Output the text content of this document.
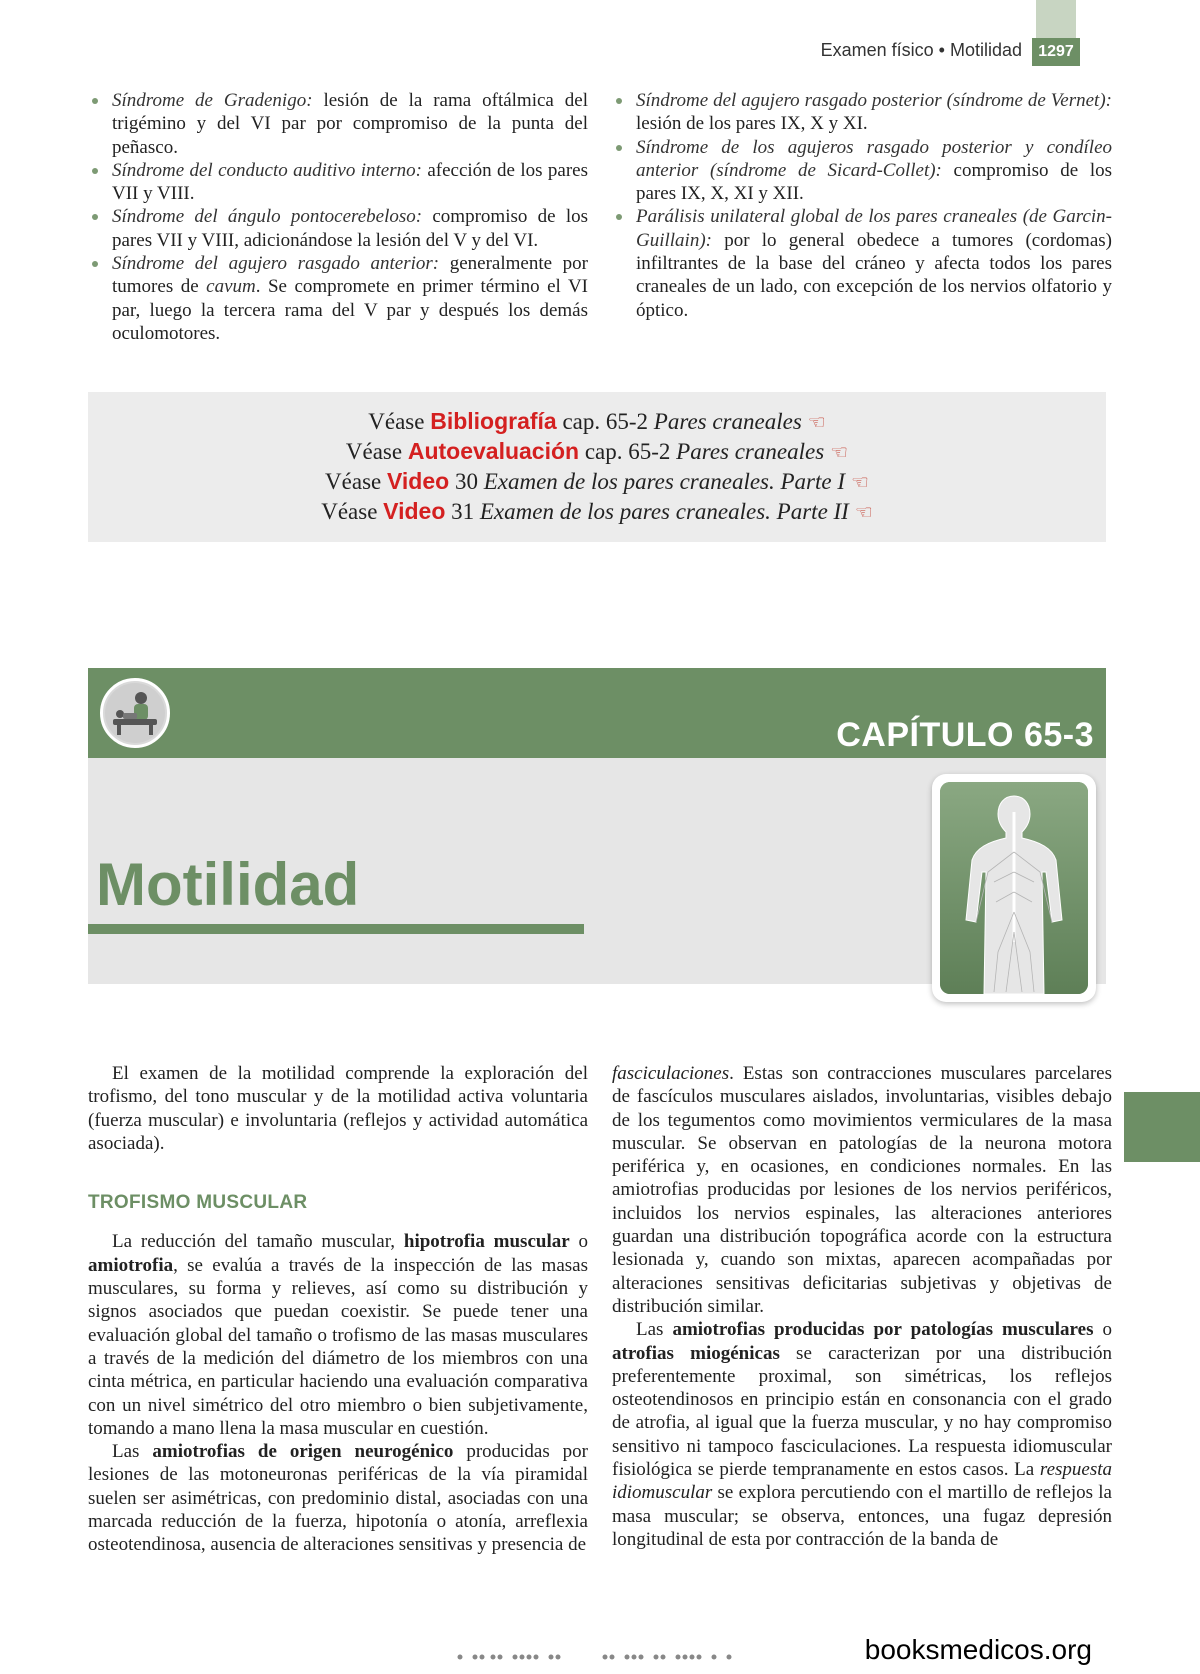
Examen físico • Motilidad	1297
Síndrome de Gradenigo: lesión de la rama oftálmica del trigémino y del VI par por compromiso de la punta del peñasco.
Síndrome del conducto auditivo interno: afección de los pares VII y VIII.
Síndrome del ángulo pontocerebeloso: compromiso de los pares VII y VIII, adicionándose la lesión del V y del VI.
Síndrome del agujero rasgado anterior: generalmente por tumores de cavum. Se compromete en primer término el VI par, luego la tercera rama del V par y después los demás oculomotores.
Síndrome del agujero rasgado posterior (síndrome de Vernet): lesión de los pares IX, X y XI.
Síndrome de los agujeros rasgado posterior y condíleo anterior (síndrome de Sicard-Collet): compromiso de los pares IX, X, XI y XII.
Parálisis unilateral global de los pares craneales (de Garcin-Guillain): por lo general obedece a tumores (cordomas) infiltrantes de la base del cráneo y afecta todos los pares craneales de un lado, con excepción de los nervios olfatorio y óptico.
Véase Bibliografía cap. 65-2 Pares craneales ☜
Véase Autoevaluación cap. 65-2 Pares craneales ☜
Véase Video 30 Examen de los pares craneales. Parte I ☜
Véase Video 31 Examen de los pares craneales. Parte II ☜
CAPÍTULO 65-3
Motilidad

El examen de la motilidad comprende la exploración del trofismo, del tono muscular y de la motilidad activa voluntaria (fuerza muscular) e involuntaria (reflejos y actividad automática asociada).

TROFISMO MUSCULAR

La reducción del tamaño muscular, hipotrofia muscular o amiotrofia, se evalúa a través de la inspección de las masas musculares, su forma y relieves, así como su distribución y signos asociados que puedan coexistir. Se puede tener una evaluación global del tamaño o trofismo de las masas musculares a través de la medición del diámetro de los miembros con una cinta métrica, en particular haciendo una evaluación comparativa con un nivel simétrico del otro miembro o bien subjetivamente, tomando a mano llena la masa muscular en cuestión.

Las amiotrofias de origen neurogénico producidas por lesiones de las motoneuronas periféricas de la vía piramidal suelen ser asimétricas, con predominio distal, asociadas con una marcada reducción de la fuerza, hipotonía o atonía, arreflexia osteotendinosa, ausencia de alteraciones sensitivas y presencia de

fasciculaciones. Estas son contracciones musculares parcelares de fascículos musculares aislados, involuntarias, visibles debajo de los tegumentos como movimientos vermiculares de la masa muscular. Se observan en patologías de la neurona motora periférica y, en ocasiones, en condiciones normales. En las amiotrofias producidas por lesiones de los nervios periféricos, incluidos los nervios espinales, las alteraciones anteriores guardan una distribución topográfica acorde con la estructura lesionada y, cuando son mixtas, aparecen acompañadas por alteraciones sensitivas deficitarias subjetivas y objetivas de distribución similar.

Las amiotrofias producidas por patologías musculares o atrofias miogénicas se caracterizan por una distribución preferentemente proximal, son simétricas, los reflejos osteotendinosos en principio están en consonancia con el grado de atrofia, al igual que la fuerza muscular, y no hay compromiso sensitivo ni tampoco fasciculaciones. La respuesta idiomuscular fisiológica se pierde tempranamente en estos casos. La respuesta idiomuscular se explora percutiendo con el martillo de reflejos la masa muscular; se observa, entonces, una fugaz depresión longitudinal de esta por contracción de la banda de

booksmedicos.org
